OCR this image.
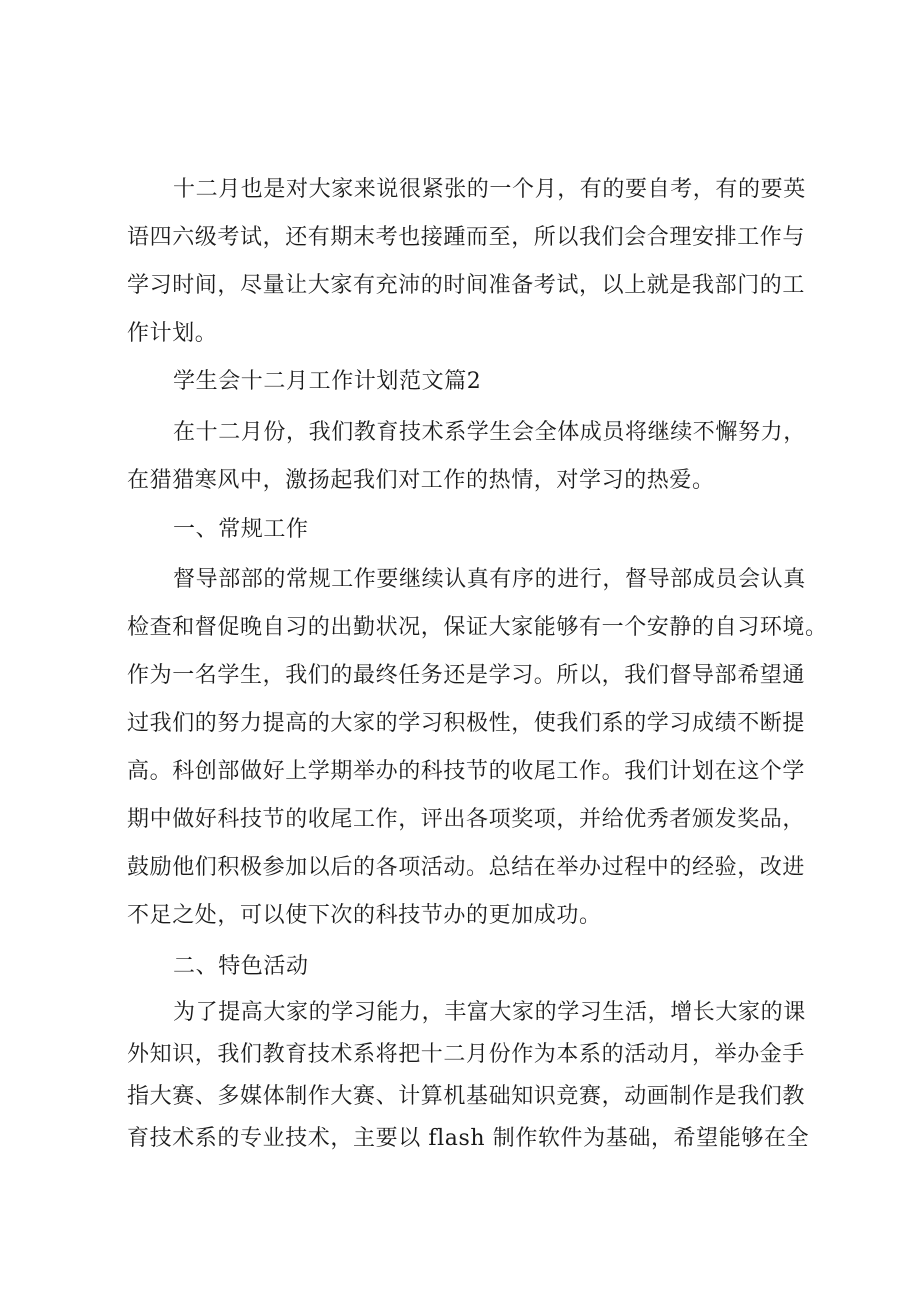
十二月也是对大家来说很紧张的一个月，有的要自考，有的要英
语四六级考试，还有期末考也接踵而至，所以我们会合理安排工作与
学习时间，尽量让大家有充沛的时间准备考试，以上就是我部门的工
作计划。
学生会十二月工作计划范文篇2
在十二月份，我们教育技术系学生会全体成员将继续不懈努力，
在猎猎寒风中，激扬起我们对工作的热情，对学习的热爱。
一、常规工作
督导部部的常规工作要继续认真有序的进行，督导部成员会认真
检查和督促晚自习的出勤状况，保证大家能够有一个安静的自习环境。
作为一名学生，我们的最终任务还是学习。所以，我们督导部希望通
过我们的努力提高的大家的学习积极性，使我们系的学习成绩不断提
高。科创部做好上学期举办的科技节的收尾工作。我们计划在这个学
期中做好科技节的收尾工作，评出各项奖项，并给优秀者颁发奖品，
鼓励他们积极参加以后的各项活动。总结在举办过程中的经验，改进
不足之处，可以使下次的科技节办的更加成功。
二、特色活动
为了提高大家的学习能力，丰富大家的学习生活，增长大家的课
外知识，我们教育技术系将把十二月份作为本系的活动月，举办金手
指大赛、多媒体制作大赛、计算机基础知识竞赛，动画制作是我们教
育技术系的专业技术，主要以 flash 制作软件为基础，希望能够在全
